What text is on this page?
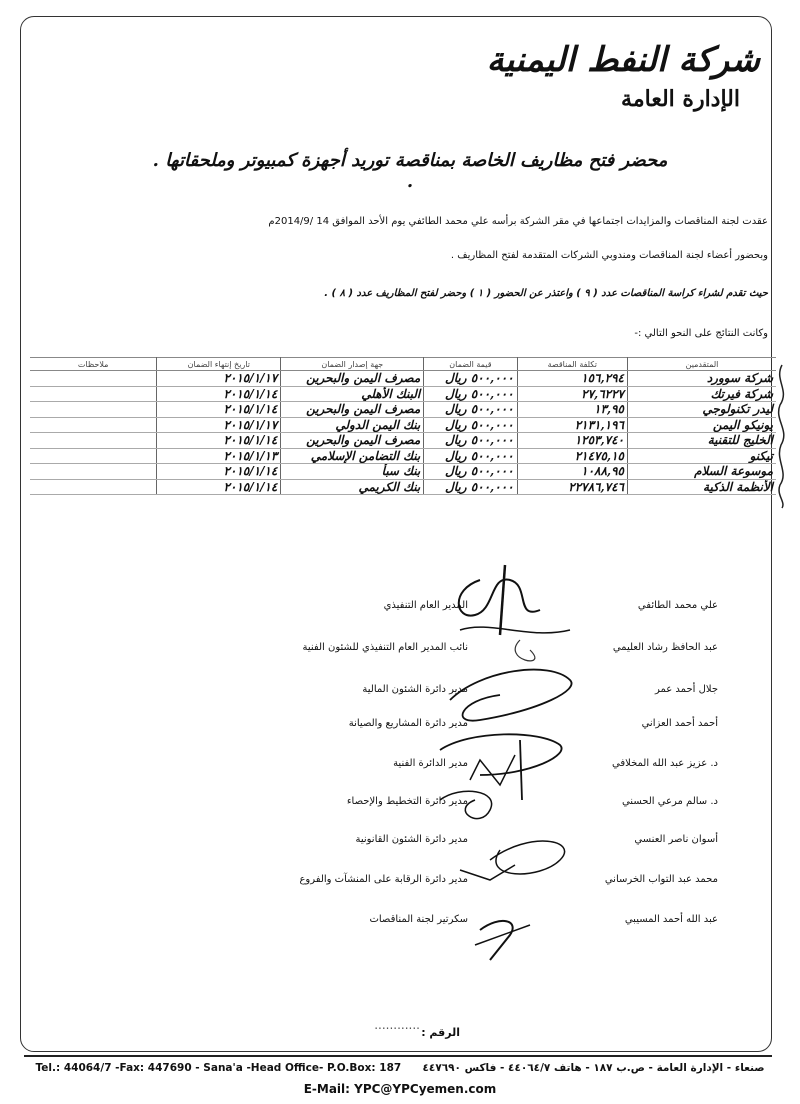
شركة النفط اليمنية
الإدارة العامة
محضر فتح مظاريف الخاصة بمناقصة توريد أجهزة كمبيوتر وملحقاتها . .
عقدت لجنة المناقصات والمزايدات اجتماعها في مقر الشركة برأسه علي محمد الطائفي يوم الأحد الموافق 14 /2014/9م
وبحضور أعضاء لجنة المناقصات ومندوبي الشركات المتقدمة لفتح المظاريف .
حيث تقدم لشراء كراسة المناقصات عدد ( ٩ ) واعتذر عن الحضور ( ١ ) وحضر لفتح المظاريف عدد ( ٨ ) .
وكانت النتائج على النحو التالي :-
المتقدمين	تكلفة المناقصة	قيمة الضمان	جهة إصدار الضمان	تاريخ إنتهاء الضمان	ملاحظات
شركة سوورد	١٥٦,٢٩٤	٥٠٠,٠٠٠ ريال	مصرف اليمن والبحرين	٢٠١٥/١/١٧	
شركة فيرتك	٢٧,٦٢٢٧	٥٠٠,٠٠٠ ريال	البنك الأهلي	٢٠١٥/١/١٤	
ليدر تكنولوجي	١٣,٩٥	٥٠٠,٠٠٠ ريال	مصرف اليمن والبحرين	٢٠١٥/١/١٤	
يونيكو اليمن	٢١٣١,١٩٦	٥٠٠,٠٠٠ ريال	بنك اليمن الدولي	٢٠١٥/١/١٧	
الخليج للتقنية	١٢٥٣,٧٤٠	٥٠٠,٠٠٠ ريال	مصرف اليمن والبحرين	٢٠١٥/١/١٤	
تيكنو	٢١٤٧٥,١٥	٥٠٠,٠٠٠ ريال	بنك التضامن الإسلامي	٢٠١٥/١/١٣	
موسوعة السلام	١٠٨٨,٩٥	٥٠٠,٠٠٠ ريال	بنك سبأ	٢٠١٥/١/١٤	
الأنظمة الذكية	٢٢٧٨٦,٧٤٦	٥٠٠,٠٠٠ ريال	بنك الكريمي	٢٠١٥/١/١٤	
علي محمد الطائفي
المدير العام التنفيذي
عبد الحافظ رشاد العليمي
نائب المدير العام التنفيذي للشئون الفنية
جلال أحمد عمر
مدير دائرة الشئون المالية
أحمد أحمد العزاني
مدير دائرة المشاريع والصيانة
د. عزيز عبد الله المخلافي
مدير الدائرة الفنية
د. سالم مرعي الحسني
مدير دائرة التخطيط والإحصاء
أسوان ناصر العنسي
مدير دائرة الشئون القانونية
محمد عبد التواب الخرساني
مدير دائرة الرقابة على المنشآت والفروع
عبد الله أحمد المسيبي
سكرتير لجنة المناقصات
............
الرقم :
Tel.: 44064/7 -Fax: 447690 - Sana'a -Head Office- P.O.Box: 187 صنعاء - الإدارة العامة - ص.ب ١٨٧ - هاتف ٤٤٠٦٤/٧ - فاكس ٤٤٧٦٩٠
E-Mail: YPC@YPCyemen.com
